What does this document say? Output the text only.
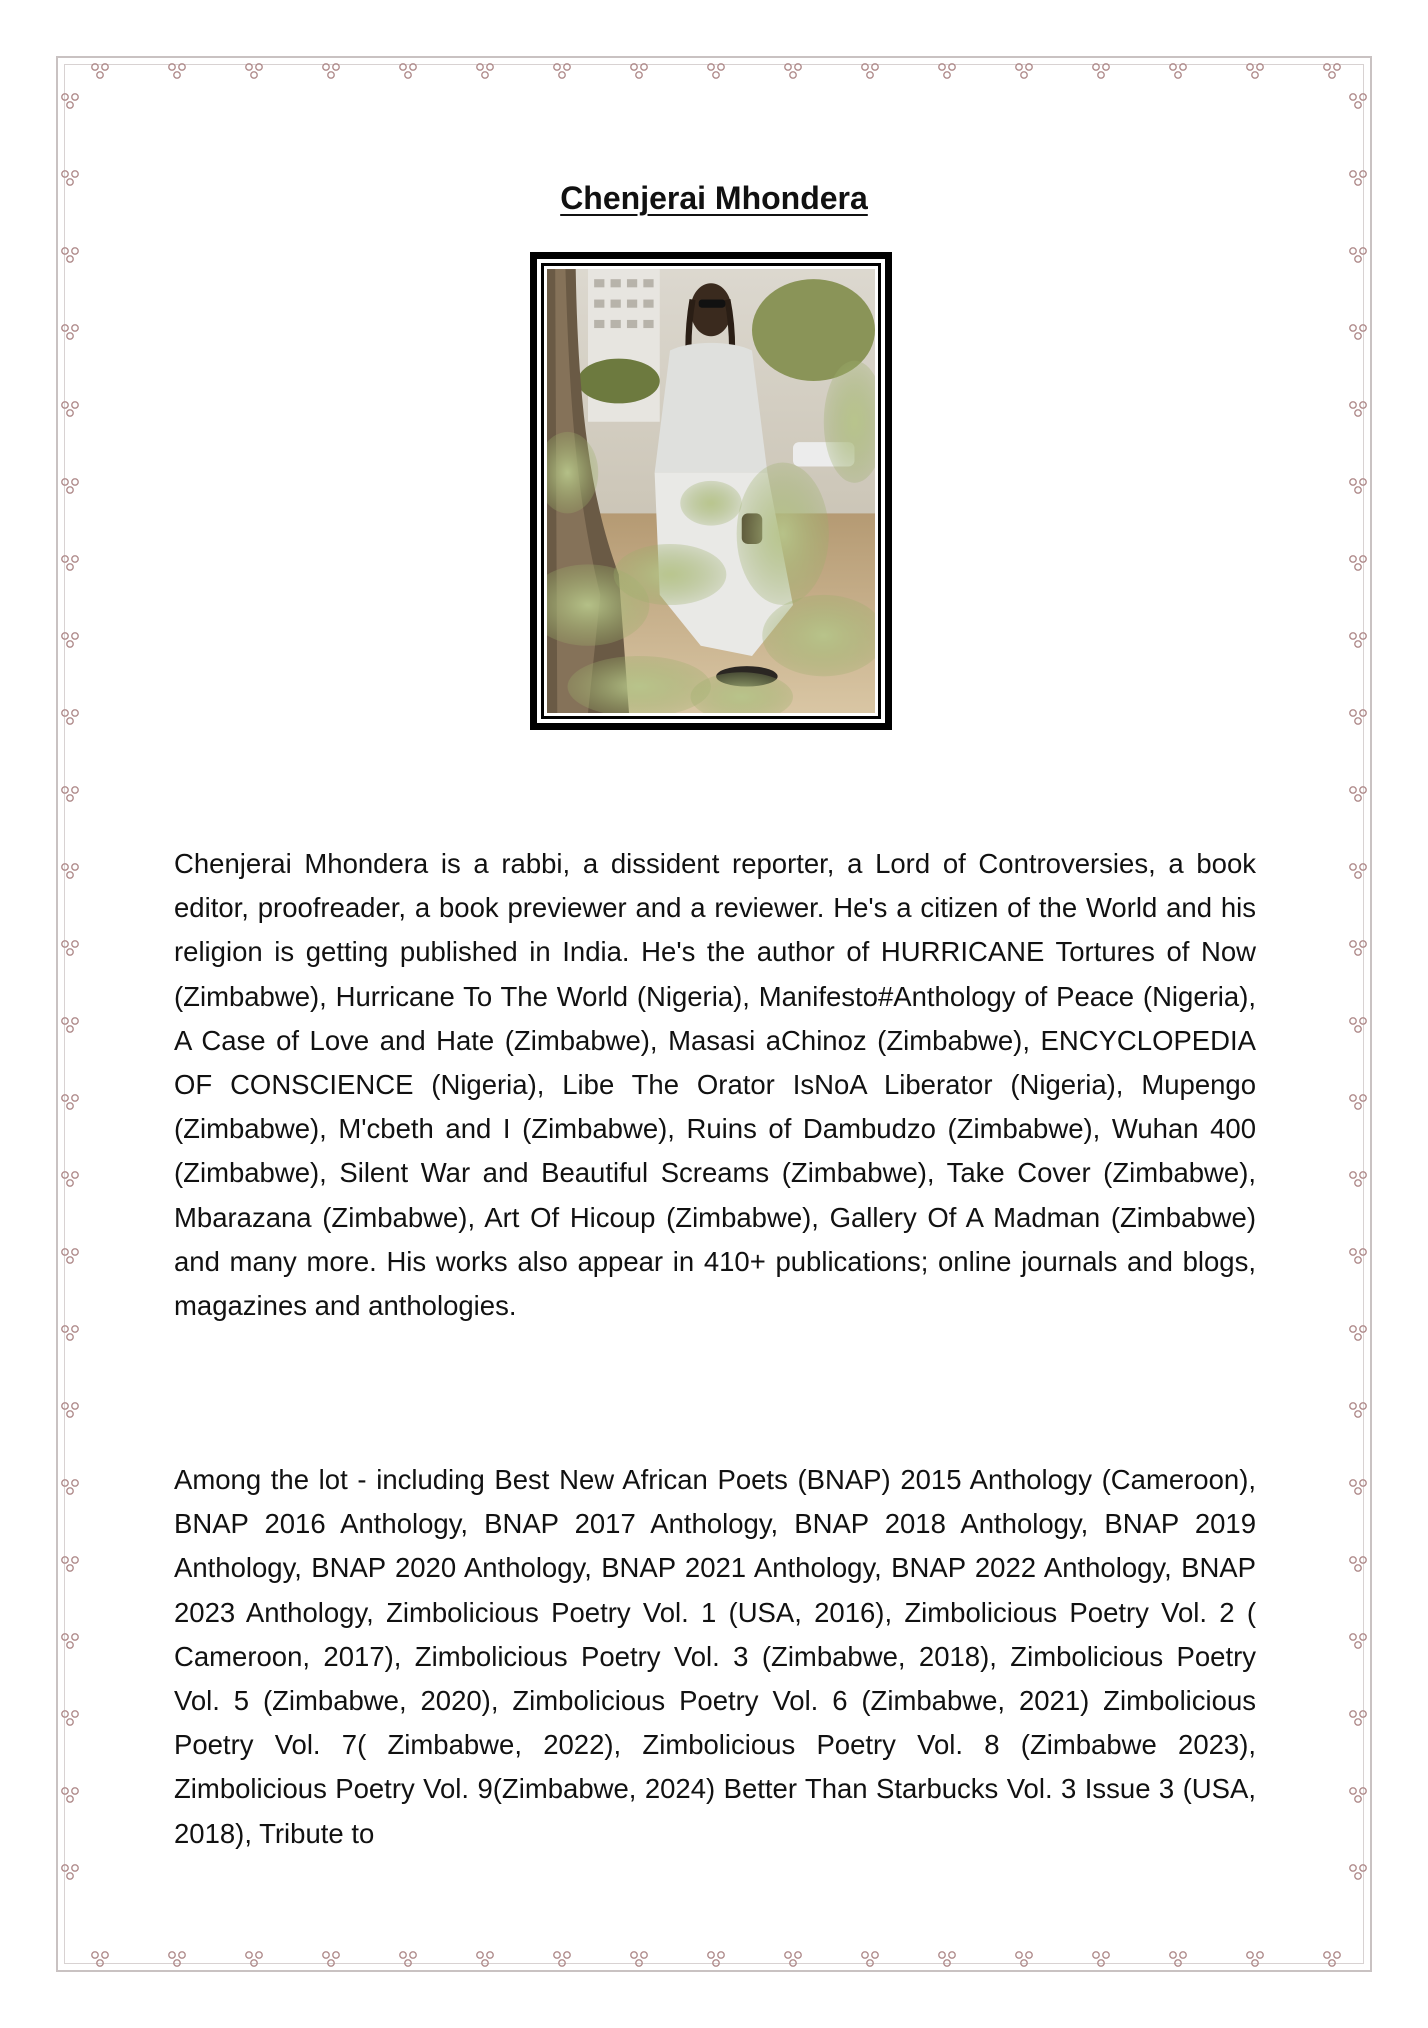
Chenjerai Mhondera

Chenjerai Mhondera is a rabbi, a dissident reporter, a Lord of Controversies, a book editor, proofreader, a book previewer and a reviewer. He's a citizen of the World and his religion is getting published in India. He's the author of HURRICANE Tortures of Now (Zimbabwe), Hurricane To The World (Nigeria), Manifesto#Anthology of Peace (Nigeria), A Case of Love and Hate (Zimbabwe), Masasi aChinoz (Zimbabwe), ENCYCLOPEDIA OF CONSCIENCE (Nigeria), Libe The Orator IsNoA Liberator (Nigeria), Mupengo (Zimbabwe), M'cbeth and I (Zimbabwe), Ruins of Dambudzo (Zimbabwe), Wuhan 400 (Zimbabwe), Silent War and Beautiful Screams (Zimbabwe), Take Cover (Zimbabwe), Mbarazana (Zimbabwe), Art Of Hicoup (Zimbabwe), Gallery Of A Madman (Zimbabwe) and many more. His works also appear in 410+ publications; online journals and blogs, magazines and anthologies.

Among the lot - including Best New African Poets (BNAP) 2015 Anthology (Cameroon), BNAP 2016 Anthology, BNAP 2017 Anthology, BNAP 2018 Anthology, BNAP 2019 Anthology, BNAP 2020 Anthology, BNAP 2021 Anthology, BNAP 2022 Anthology, BNAP 2023 Anthology, Zimbolicious Poetry Vol. 1 (USA, 2016), Zimbolicious Poetry Vol. 2 ( Cameroon, 2017), Zimbolicious Poetry Vol. 3 (Zimbabwe, 2018), Zimbolicious Poetry Vol. 5 (Zimbabwe, 2020), Zimbolicious Poetry Vol. 6 (Zimbabwe, 2021) Zimbolicious Poetry Vol. 7( Zimbabwe, 2022), Zimbolicious Poetry Vol. 8 (Zimbabwe 2023), Zimbolicious Poetry Vol. 9(Zimbabwe, 2024) Better Than Starbucks Vol. 3 Issue 3 (USA, 2018), Tribute to
